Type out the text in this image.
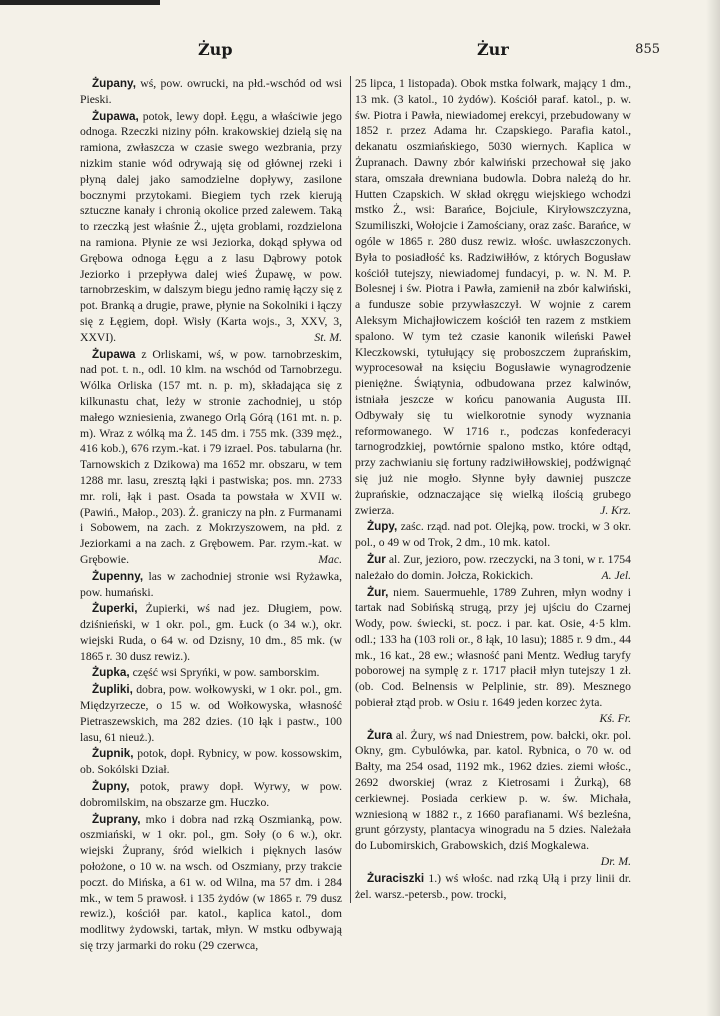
Żup	Żur	855

Żupany, wś, pow. owrucki, na płd.-wschód od wsi Pieski.

Żupawa, potok, lewy dopł. Łęgu, a właściwie jego odnoga. Rzeczki niziny półn. krakowskiej dzielą się na ramiona, zwłaszcza w czasie swego wezbrania, przy nizkim stanie wód odrywają się od głównej rzeki i płyną dalej jako samodzielne dopływy, zasilone bocznymi przytokami. Biegiem tych rzek kierują sztuczne kanały i chronią okolice przed zalewem. Taką to rzeczką jest właśnie Ż., ujęta groblami, rozdzielona na ramiona. Płynie ze wsi Jeziorka, dokąd spływa od Grębowa odnoga Łęgu a z lasu Dąbrowy potok Jeziorko i przepływa dalej wieś Żupawę, w pow. tarnobrzeskim, w dalszym biegu jedno ramię łączy się z pot. Branką a drugie, prawe, płynie na Sokolniki i łączy się z Łęgiem, dopł. Wisły (Karta wojs., 3, XXV, 3, XXVI).	St. M.

Żupawa z Orliskami, wś, w pow. tarnobrzeskim, nad pot. t. n., odl. 10 klm. na wschód od Tarnobrzegu. Wólka Orliska (157 mt. n. p. m), składająca się z kilkunastu chat, leży w stronie zachodniej, u stóp małego wzniesienia, zwanego Orlą Górą (161 mt. n. p. m). Wraz z wólką ma Ż. 145 dm. i 755 mk. (339 męż., 416 kob.), 676 rzym.-kat. i 79 izrael. Pos. tabularna (hr. Tarnowskich z Dzikowa) ma 1652 mr. obszaru, w tem 1288 mr. lasu, zresztą łąki i pastwiska; pos. mn. 2733 mr. roli, łąk i past. Osada ta powstała w XVII w. (Pawiń., Małop., 203). Ż. graniczy na płn. z Furmanami i Sobowem, na zach. z Mokrzyszowem, na płd. z Jeziorkami a na zach. z Grębowem. Par. rzym.-kat. w Grębowie.	Mac.

Żupenny, las w zachodniej stronie wsi Ryżawka, pow. humański.

Żuperki, Żupierki, wś nad jez. Długiem, pow. dziśnieński, w 1 okr. pol., gm. Łuck (o 34 w.), okr. wiejski Ruda, o 64 w. od Dzisny, 10 dm., 85 mk. (w 1865 r. 30 dusz rewiz.).

Żupka, część wsi Spryńki, w pow. samborskim.

Żupliki, dobra, pow. wołkowyski, w 1 okr. pol., gm. Międzyrzecze, o 15 w. od Wołkowyska, własność Pietraszewskich, ma 282 dzies. (10 łąk i pastw., 100 lasu, 61 nieuż.).

Żupnik, potok, dopł. Rybnicy, w pow. kossowskim, ob. Sokólski Dział.

Żupny, potok, prawy dopł. Wyrwy, w pow. dobromilskim, na obszarze gm. Huczko.

Żuprany, mko i dobra nad rzką Oszmianką, pow. oszmiański, w 1 okr. pol., gm. Soły (o 6 w.), okr. wiejski Żuprany, śród wielkich i pięknych lasów położone, o 10 w. na wsch. od Oszmiany, przy trakcie poczt. do Mińska, a 61 w. od Wilna, ma 57 dm. i 284 mk., w tem 5 prawosł. i 135 żydów (w 1865 r. 79 dusz rewiz.), kościół par. katol., kaplica katol., dom modlitwy żydowski, tartak, młyn. W mstku odbywają się trzy jarmarki do roku (29 czerwca,

25 lipca, 1 listopada). Obok mstka folwark, mający 1 dm., 13 mk. (3 katol., 10 żydów). Kościół paraf. katol., p. w. św. Piotra i Pawła, niewiadomej erekcyi, przebudowany w 1852 r. przez Adama hr. Czapskiego. Parafia katol., dekanatu oszmiańskiego, 5030 wiernych. Kaplica w Żupranach. Dawny zbór kalwiński przechował się jako stara, omszała drewniana budowla. Dobra należą do hr. Hutten Czapskich. W skład okręgu wiejskiego wchodzi mstko Ż., wsi: Barańce, Bojciule, Kiryłowszczyzna, Szumiliszki, Wołojcie i Zamościany, oraz zaśc. Barańce, w ogóle w 1865 r. 280 dusz rewiz. włośc. uwłaszczonych. Była to posiadłość ks. Radziwiłłów, z których Bogusław kościół tutejszy, niewiadomej fundacyi, p. w. N. M. P. Bolesnej i św. Piotra i Pawła, zamienił na zbór kalwiński, a fundusze sobie przywłaszczył. W wojnie z carem Aleksym Michajłowiczem kościół ten razem z mstkiem spalono. W tym też czasie kanonik wileński Paweł Kleczkowski, tytułujący się proboszczem żuprańskim, wyprocesował na księciu Bogusławie wynagrodzenie pieniężne. Świątynia, odbudowana przez kalwinów, istniała jeszcze w końcu panowania Augusta III. Odbywały się tu wielkorotnie synody wyznania reformowanego. W 1716 r., podczas konfederacyi tarnogrodzkiej, powtórnie spalono mstko, które odtąd, przy zachwianiu się fortuny radziwiłłowskiej, podźwignąć się już nie mogło. Słynne były dawniej puszcze żuprańskie, odznaczające się wielką ilością grubego zwierza.	J. Krz.

Żupy, zaśc. rząd. nad pot. Olejką, pow. trocki, w 3 okr. pol., o 49 w od Trok, 2 dm., 10 mk. katol.

Żur al. Zur, jezioro, pow. rzeczycki, na 3 toni, w r. 1754 należało do domin. Jołcza, Rokickich.	A. Jel.

Żur, niem. Sauermuehle, 1789 Zuhren, młyn wodny i tartak nad Sobińską strugą, przy jej ujściu do Czarnej Wody, pow. świecki, st. pocz. i par. kat. Osie, 4·5 klm. odl.; 133 ha (103 roli or., 8 łąk, 10 lasu); 1885 r. 9 dm., 44 mk., 16 kat., 28 ew.; własność pani Mentz. Według taryfy poborowej na symplę z r. 1717 płacił młyn tutejszy 1 zł. (ob. Cod. Belnensis w Pelplinie, str. 89). Mesznego pobierał ztąd prob. w Osiu r. 1649 jeden korzec żyta.
Kś. Fr.

Żura al. Żury, wś nad Dniestrem, pow. bałcki, okr. pol. Okny, gm. Cybulówka, par. katol. Rybnica, o 70 w. od Bałty, ma 254 osad, 1192 mk., 1962 dzies. ziemi włośc., 2692 dworskiej (wraz z Kietrosami i Żurką), 68 cerkiewnej. Posiada cerkiew p. w. św. Michała, wzniesioną w 1882 r., z 1660 parafianami. Wś bezleśna, grunt górzysty, plantacya winogradu na 5 dzies. Należała do Lubomirskich, Grabowskich, dziś Mogkalewa.
Dr. M.

Żuraciszki 1.) wś włośc. nad rzką Ułą i przy linii dr. żel. warsz.-petersb., pow. trocki,
